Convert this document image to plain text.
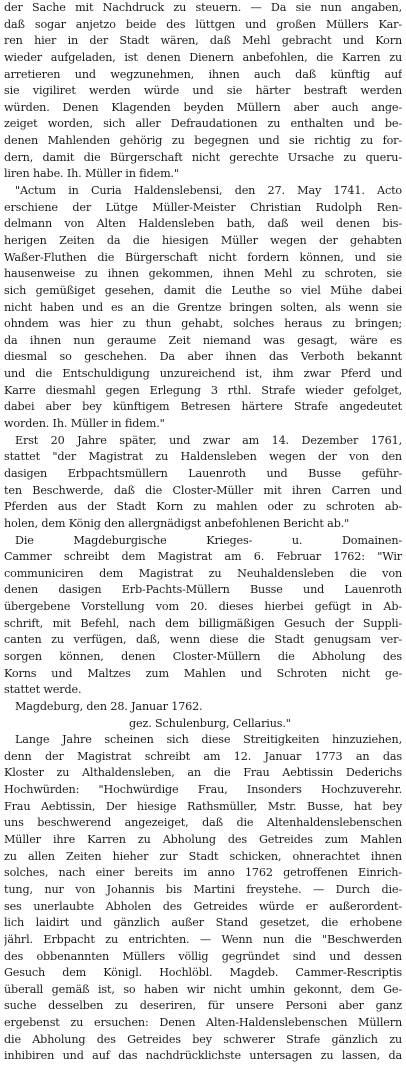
der Sache mit Nachdruck zu steuern. — Da sie nun angaben,
daß sogar anjetzo beide des lüttgen und großen Müllers Kar-
ren hier in der Stadt wären, daß Mehl gebracht und Korn
wieder aufgeladen, ist denen Dienern anbefohlen, die Karren zu
arretieren und wegzunehmen, ihnen auch daß künftig auf
sie vigiliret werden würde und sie härter bestraft werden
würden. Denen Klagenden beyden Müllern aber auch ange-
zeiget worden, sich aller Defraudationen zu enthalten und be-
denen Mahlenden gehörig zu begegnen und sie richtig zu for-
dern, damit die Bürgerschaft nicht gerechte Ursache zu queru-
liren habe. Ih. Müller in fidem."
"Actum in Curia Haldenslebensi, den 27. May 1741. Acto
erschiene der Lütge Müller-Meister Christian Rudolph Ren-
delmann von Alten Haldensleben bath, daß weil denen bis-
herigen Zeiten da die hiesigen Müller wegen der gehabten
Waßer-Fluthen die Bürgerschaft nicht fordern können, und sie
hausenweise zu ihnen gekommen, ihnen Mehl zu schroten, sie
sich gemüßiget gesehen, damit die Leuthe so viel Mühe dabei
nicht haben und es an die Grentze bringen solten, als wenn sie
ohndem was hier zu thun gehabt, solches heraus zu bringen;
da ihnen nun geraume Zeit niemand was gesagt, wäre es
diesmal so geschehen. Da aber ihnen das Verboth bekannt
und die Entschuldigung unzureichend ist, ihm zwar Pferd und
Karre diesmahl gegen Erlegung 3 rthl. Strafe wieder gefolget,
dabei aber bey künftigem Betresen härtere Strafe angedeutet
worden. Ih. Müller in fidem."
Erst 20 Jahre später, und zwar am 14. Dezember 1761,
stattet "der Magistrat zu Haldensleben wegen der von den
dasigen Erbpachtsmüllern Lauenroth und Busse geführ-
ten Beschwerde, daß die Closter-Müller mit ihren Carren und
Pferden aus der Stadt Korn zu mahlen oder zu schroten ab-
holen, dem König den allergnädigst anbefohlenen Bericht ab."
Die Magdeburgische Krieges- u. Domainen-
Cammer schreibt dem Magistrat am 6. Februar 1762: "Wir
communiciren dem Magistrat zu Neuhaldensleben die von
denen dasigen Erb-Pachts-Müllern Busse und Lauenroth
übergebene Vorstellung vom 20. dieses hierbei gefügt in Ab-
schrift, mit Befehl, nach dem billigmäßigen Gesuch der Suppli-
canten zu verfügen, daß, wenn diese die Stadt genugsam ver-
sorgen können, denen Closter-Müllern die Abholung des
Korns und Maltzes zum Mahlen und Schroten nicht ge-
stattet werde.
Magdeburg, den 28. Januar 1762.
gez. Schulenburg, Cellarius."
Lange Jahre scheinen sich diese Streitigkeiten hinzuziehen,
denn der Magistrat schreibt am 12. Januar 1773 an das
Kloster zu Althaldensleben, an die Frau Aebtissin Dederichs
Hochwürden: "Hochwürdige Frau, Insonders Hochzuverehr.
Frau Aebtissin, Der hiesige Rathsmüller, Mstr. Busse, hat bey
uns beschwerend angezeiget, daß die Altenhaldenslebenschen
Müller ihre Karren zu Abholung des Getreides zum Mahlen
zu allen Zeiten hieher zur Stadt schicken, ohnerachtet ihnen
solches, nach einer bereits im anno 1762 getroffenen Einrich-
tung, nur von Johannis bis Martini freystehe. — Durch die-
ses unerlaubte Abholen des Getreides würde er außerordent-
lich laidirt und gänzlich außer Stand gesetzet, die erhobene
jährl. Erbpacht zu entrichten. — Wenn nun die "Beschwerden
des obbenannten Müllers völlig gegründet sind und dessen
Gesuch dem Königl. Hochlöbl. Magdeb. Cammer-Rescriptis
überall gemäß ist, so haben wir nicht umhin gekonnt, dem Ge-
suche desselben zu deseriren, für unsere Personi aber ganz
ergebenst zu ersuchen: Denen Alten-Haldenslebenschen Müllern
die Abholung des Getreides bey schwerer Strafe gänzlich zu
inhibiren und auf das nachdrücklichste untersagen zu lassen, da
